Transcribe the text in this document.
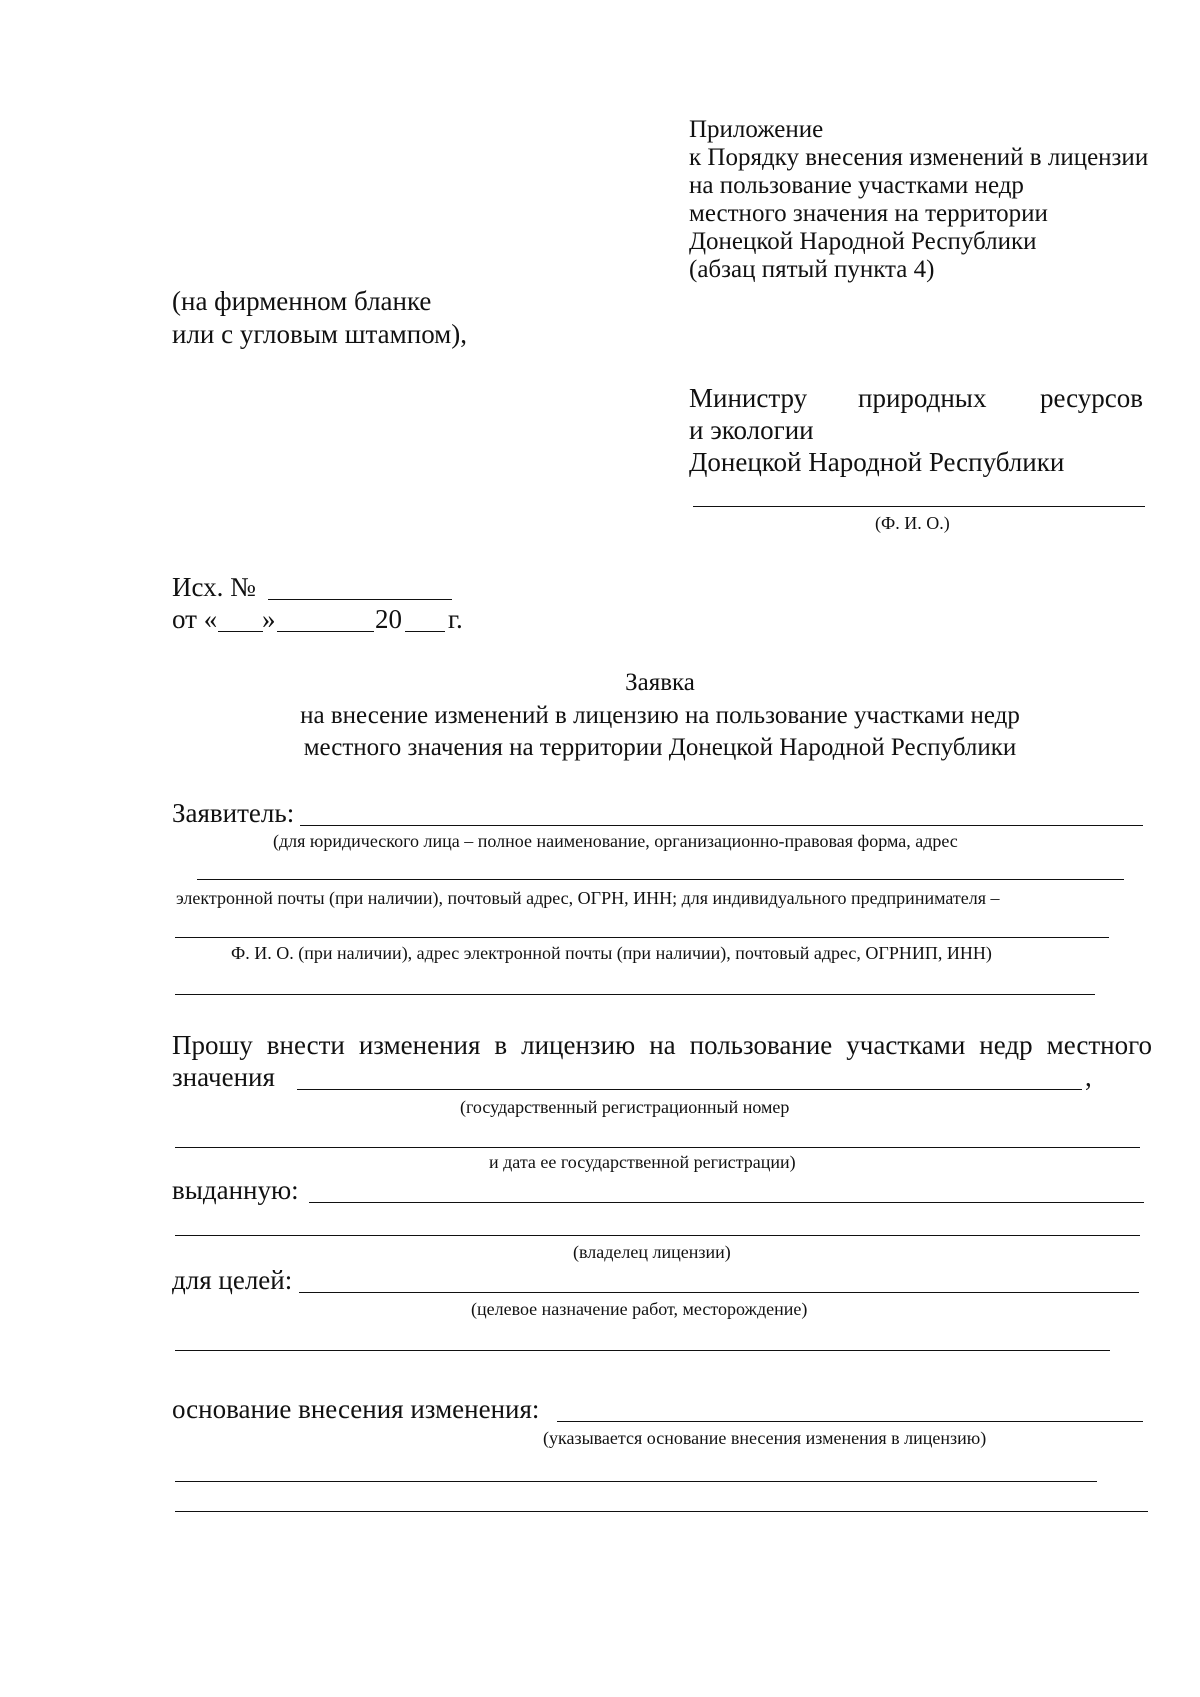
Приложение
к Порядку внесения изменений в лицензии
на пользование участками недр
местного значения на территории
Донецкой Народной Республики
(абзац пятый пункта 4)
(на фирменном бланке
или с угловым штампом),
Министру природных ресурсов
и экологии
Донецкой Народной Республики
(Ф. И. О.)
Исх. №
от « »	20 г.
Заявка
на внесение изменений в лицензию на пользование участками недр
местного значения на территории Донецкой Народной Республики
Заявитель:
(для юридического лица – полное наименование, организационно-правовая форма, адрес
электронной почты (при наличии), почтовый адрес, ОГРН, ИНН; для индивидуального предпринимателя –
Ф. И. О. (при наличии), адрес электронной почты (при наличии), почтовый адрес, ОГРНИП, ИНН)
Прошу внести изменения в лицензию на пользование участками недр местного
значения	,
(государственный регистрационный номер
и дата ее государственной регистрации)
выданную:
(владелец лицензии)
для целей:
(целевое назначение работ, месторождение)
основание внесения изменения:
(указывается основание внесения изменения в лицензию)
